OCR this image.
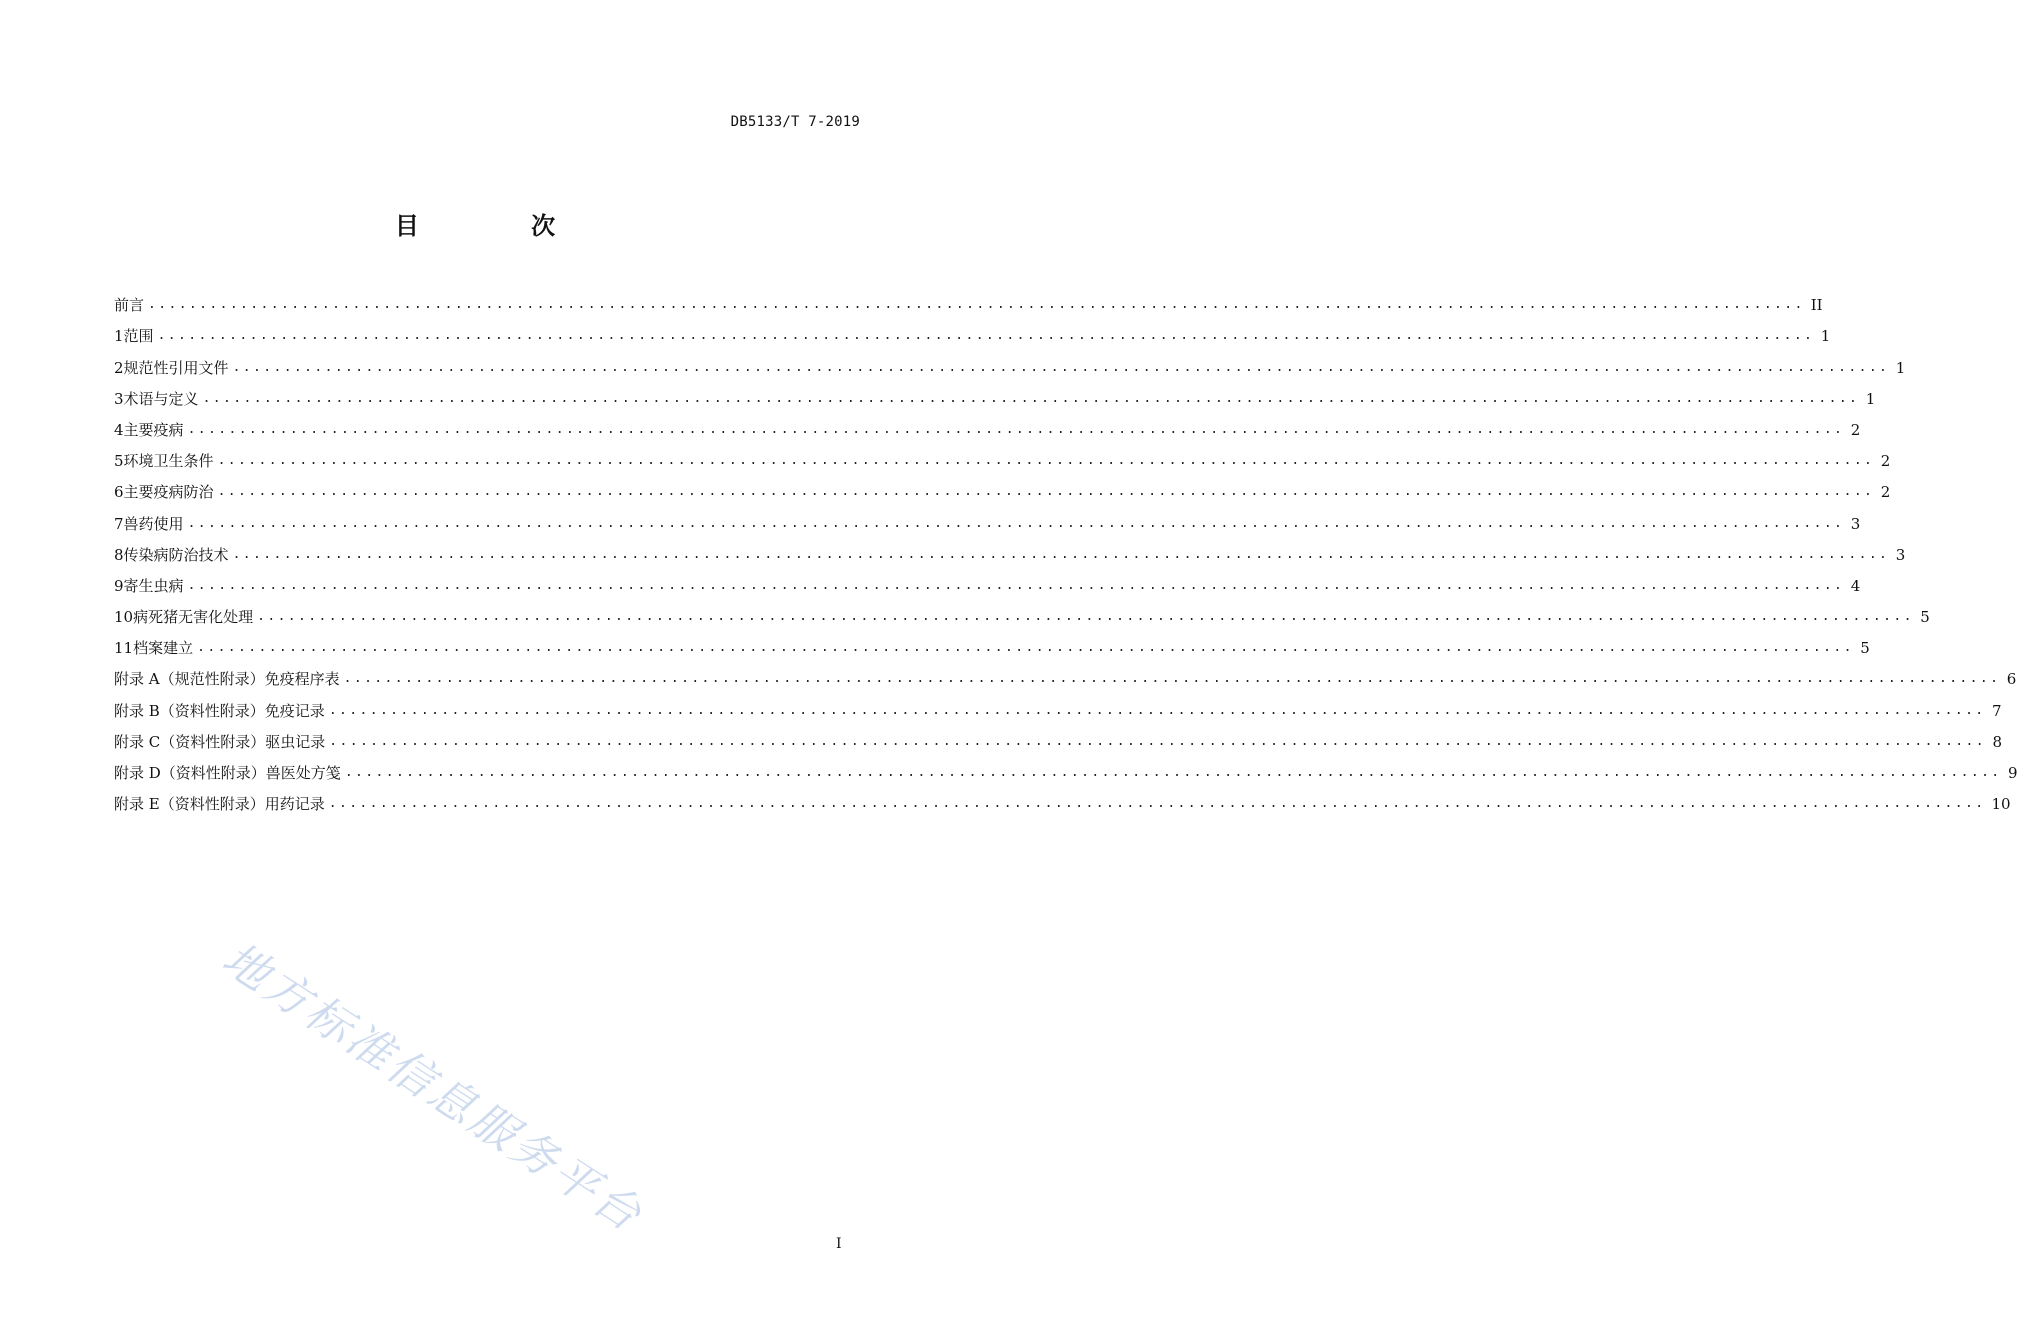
DB5133/T 7-2019
目 次
前言 .................................................................................................................................................................. II
1 范围 .................................................................................................................................................................. 1
2 规范性引用文件 .................................................................................................................................................................. 1
3 术语与定义 .................................................................................................................................................................. 1
4 主要疫病 .................................................................................................................................................................. 2
5 环境卫生条件 .................................................................................................................................................................. 2
6 主要疫病防治 .................................................................................................................................................................. 2
7 兽药使用 .................................................................................................................................................................. 3
8 传染病防治技术 .................................................................................................................................................................. 3
9 寄生虫病 .................................................................................................................................................................. 4
10 病死猪无害化处理 .................................................................................................................................................................. 5
11 档案建立 .................................................................................................................................................................. 5
附录 A（规范性附录） 免疫程序表 .................................................................................................................................................................. 6
附录 B（资料性附录） 免疫记录 .................................................................................................................................................................. 7
附录 C（资料性附录） 驱虫记录 .................................................................................................................................................................. 8
附录 D（资料性附录） 兽医处方笺 .................................................................................................................................................................. 9
附录 E（资料性附录） 用药记录 .................................................................................................................................................................. 10
地方标准信息服务平台
I
